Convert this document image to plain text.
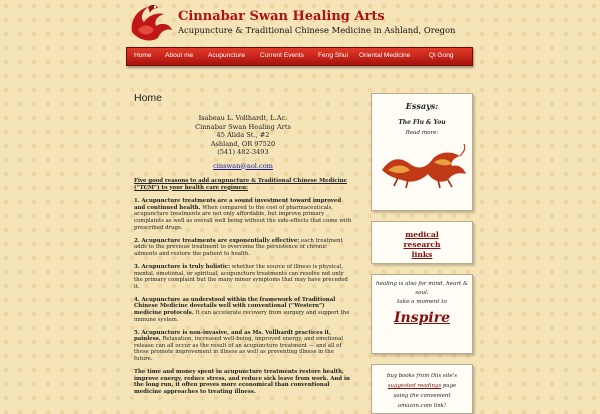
Cinnabar Swan Healing Arts
Acupuncture & Traditional Chinese Medicine in Ashland, Oregon
Home About me Acupuncture Current Events Feng Shui Oriental Medicine	Qi Gong
Home
Isabeau L. Vollhardt, L.Ac.
Cinnabar Swan Healing Arts
45 Alida St., #2
Ashland, OR 97520
(541) 482-3493
cinswan@aol.com

Five good reasons to add acupuncture & Traditional Chinese Medicine (“TCM”) to your health care regimen:

1. Acupuncture treatments are a sound investment toward improved and continued health. When compared to the cost of pharmaceuticals, acupuncture treatments are not only affordable, but improve primary complaints as well as overall well being without the side-effects that come with prescribed drugs.

2. Acupuncture treatments are exponentially effective: each treatment adds to the previous treatment to overcome the persistence of chronic ailments and restore the patient to health.

3. Acupuncture is truly holistic: whether the source of illness is physical, mental, emotional, or spiritual, acupuncture treatments can resolve not only the primary complaint but the many minor symptoms that may have preceded it.

4. Acupuncture as understood within the framework of Traditional Chinese Medicine dovetails well with conventional (“Western”) medicine protocols. It can accelerate recovery from surgery and support the immune system.

5. Acupuncture is non-invasive, and as Ms. Vollhardt practices it, painless. Relaxation, increased well-being, improved energy, and emotional release can all occur as the result of an acupuncture treatment — and all of these promote improvement in illness as well as preventing illness in the future.

The time and money spent in acupuncture treatments restore health, improve energy, reduce stress, and reduce sick leave from work. And in the long run, it often proves more economical than conventional medicine approaches to treating illness.

Essays:
The Flu & You
Read more:
medical
research
links
healing is also for mind, heart & soul:
take a moment to
Inspire
buy books from this site's
suggested readings page
using the convenient
amazon.com link!
